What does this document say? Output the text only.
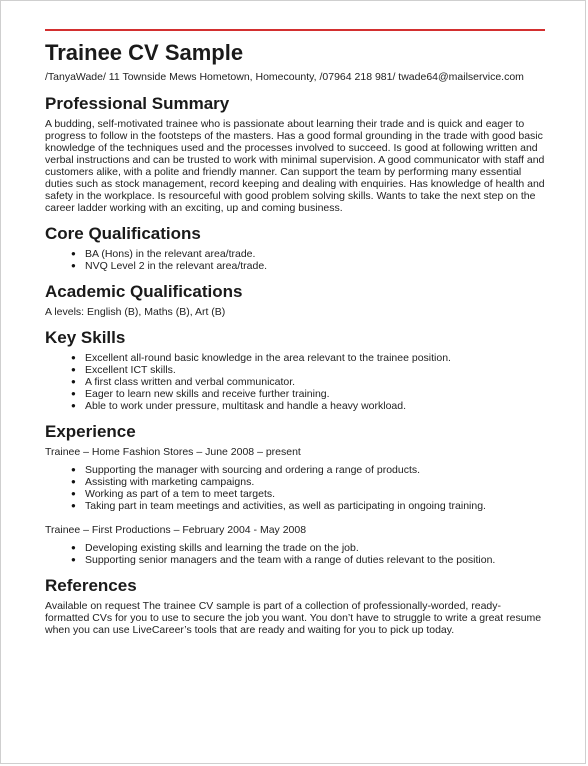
Trainee CV Sample
/TanyaWade/ 11 Townside Mews Hometown, Homecounty, /07964 218 981/ twade64@mailservice.com
Professional Summary

A budding, self-motivated trainee who is passionate about learning their trade and is quick and eager to progress to follow in the footsteps of the masters. Has a good formal grounding in the trade with good basic knowledge of the techniques used and the processes involved to succeed. Is good at following written and verbal instructions and can be trusted to work with minimal supervision. A good communicator with staff and customers alike, with a polite and friendly manner. Can support the team by performing many essential duties such as stock management, record keeping and dealing with enquiries. Has knowledge of health and safety in the workplace. Is resourceful with good problem solving skills. Wants to take the next step on the career ladder working with an exciting, up and coming business.

Core Qualifications
● BA (Hons) in the relevant area/trade.
● NVQ Level 2 in the relevant area/trade.
Academic Qualifications

A levels: English (B), Maths (B), Art (B)

Key Skills
● Excellent all-round basic knowledge in the area relevant to the trainee position.
● Excellent ICT skills.
● A first class written and verbal communicator.
● Eager to learn new skills and receive further training.
● Able to work under pressure, multitask and handle a heavy workload.
Experience
Trainee – Home Fashion Stores – June 2008 – present
● Supporting the manager with sourcing and ordering a range of products.
● Assisting with marketing campaigns.
● Working as part of a tem to meet targets.
● Taking part in team meetings and activities, as well as participating in ongoing training.
Trainee – First Productions – February 2004 - May 2008
● Developing existing skills and learning the trade on the job.
● Supporting senior managers and the team with a range of duties relevant to the position.
References

Available on request The trainee CV sample is part of a collection of professionally-worded, ready-formatted CVs for you to use to secure the job you want. You don’t have to struggle to write a great resume when you can use LiveCareer’s tools that are ready and waiting for you to pick up today.
